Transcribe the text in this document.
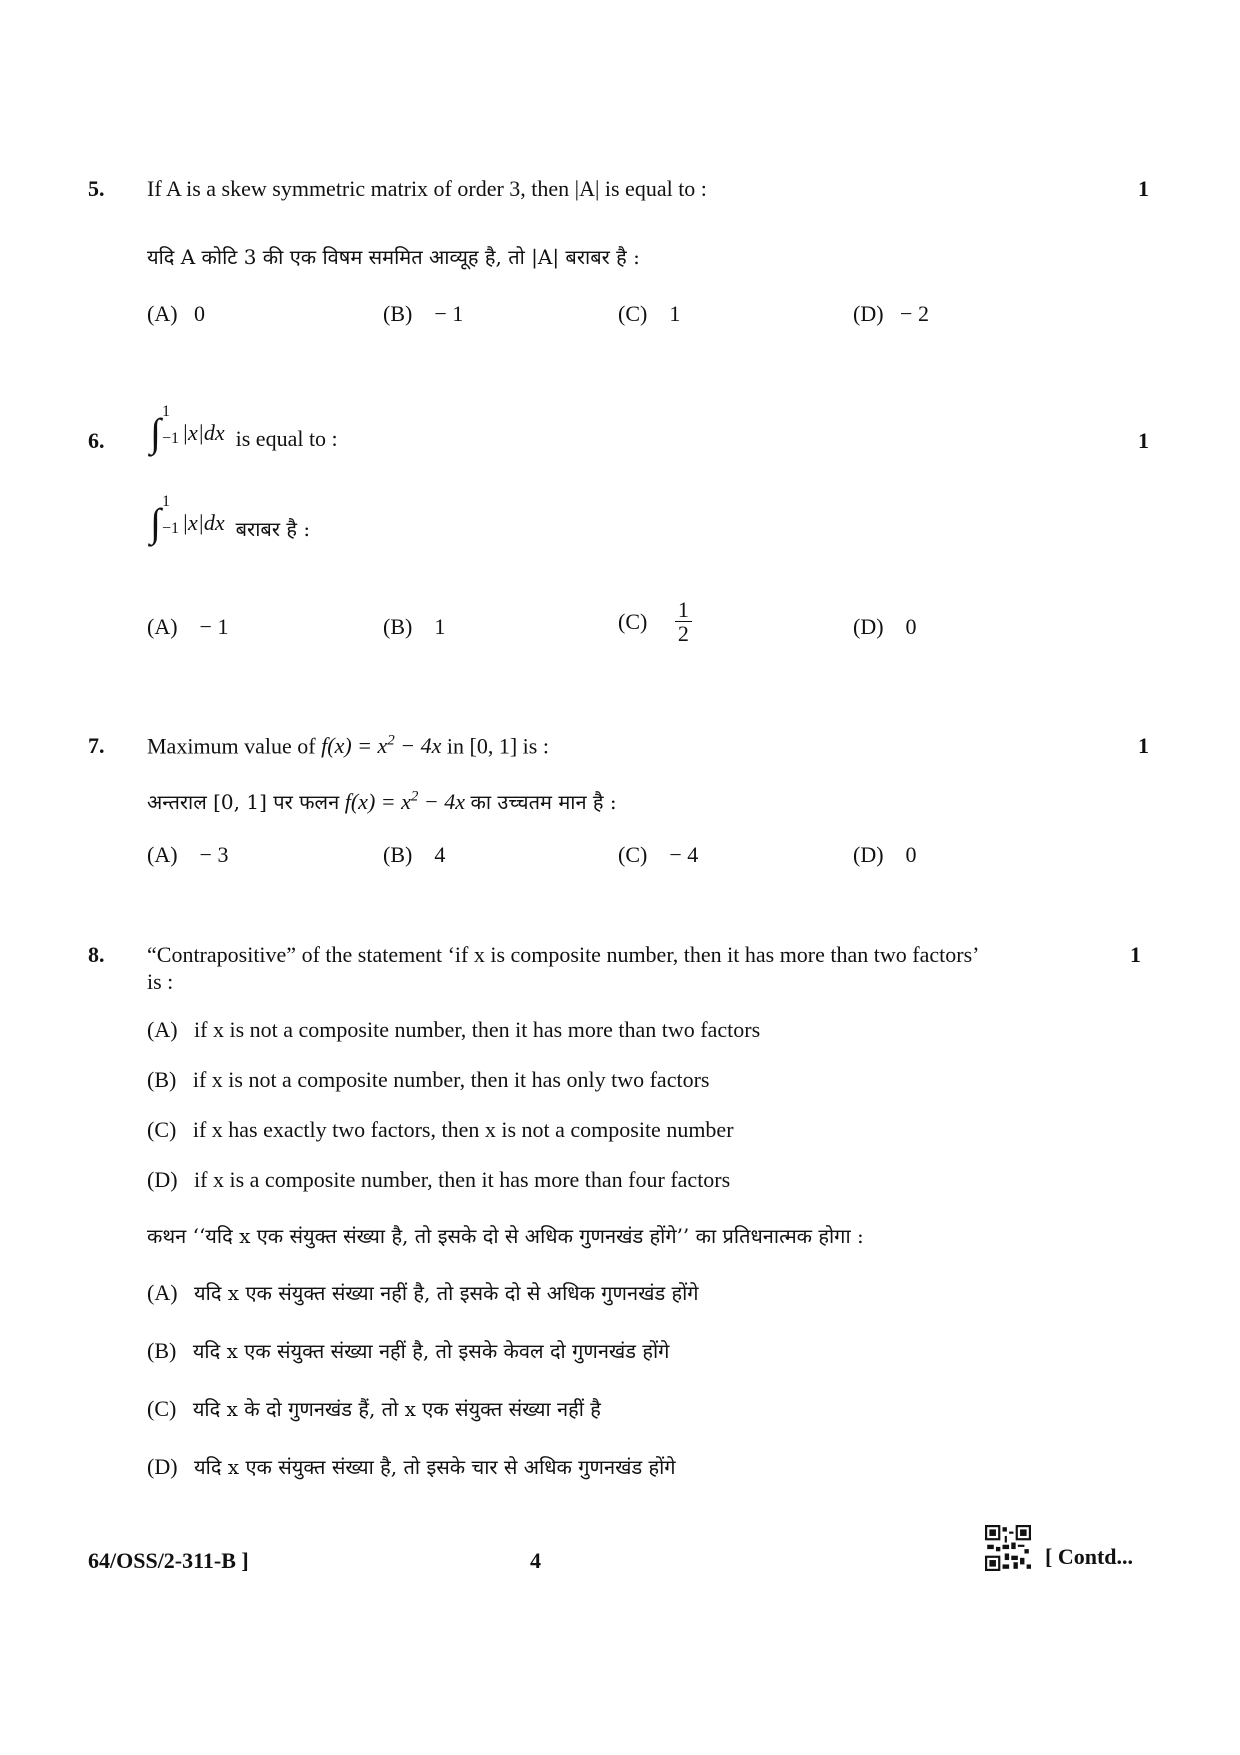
5. If A is a skew symmetric matrix of order 3, then |A| is equal to :	1
यदि A कोटि 3 की एक विषम सममित आव्यूह है, तो |A| बराबर है :
(A) 0	(B) − 1	(C) 1	(D) − 2
6. ∫ 1
−1 |x|dx is equal to :	1
∫ 1
−1 |x|dx बराबर है :
(A) − 1	(B) 1	(C)
$\frac{1}{2}$	(D) 0
7. Maximum value of $f(x) = x^2 - 4x$ in [0, 1] is :	1
अन्तराल [0, 1] पर फलन $f(x) = x^2 - 4x$ का उच्चतम मान है :
(A) − 3	(B) 4	(C) − 4	(D) 0
8. “Contrapositive” of the statement ‘if x is composite number, then it has more than two factors’
is :
1
(A) if x is not a composite number, then it has more than two factors
(B) if x is not a composite number, then it has only two factors
(C) if x has exactly two factors, then x is not a composite number
(D) if x is a composite number, then it has more than four factors
कथन ‘‘यदि x एक संयुक्त संख्या है, तो इसके दो से अधिक गुणनखंड होंगे’’ का प्रतिधनात्मक होगा :
(A) यदि x एक संयुक्त संख्या नहीं है, तो इसके दो से अधिक गुणनखंड होंगे
(B) यदि x एक संयुक्त संख्या नहीं है, तो इसके केवल दो गुणनखंड होंगे
(C) यदि x के दो गुणनखंड हैं, तो x एक संयुक्त संख्या नहीं है
(D) यदि x एक संयुक्त संख्या है, तो इसके चार से अधिक गुणनखंड होंगे
64/OSS/2-311-B ]	4	[ Contd...
